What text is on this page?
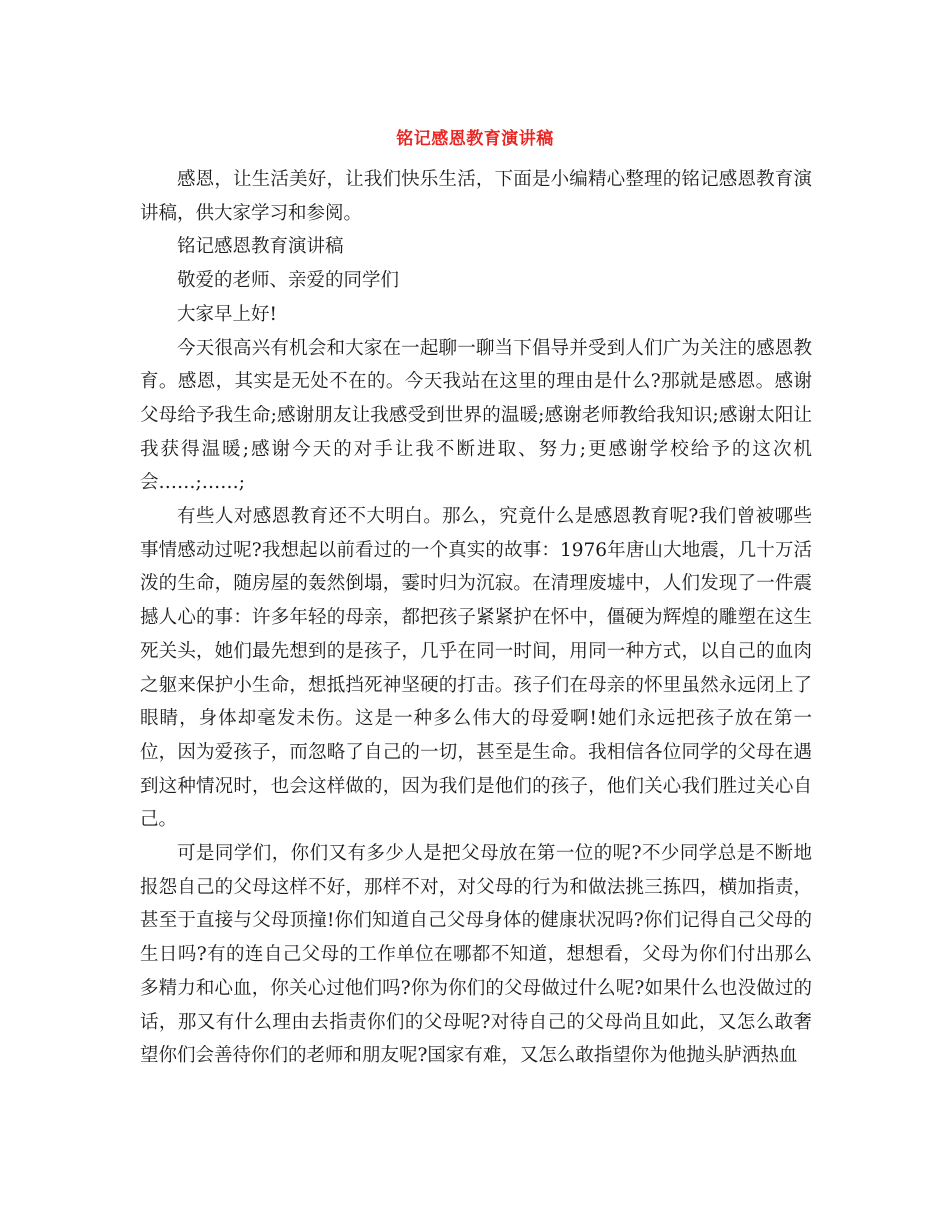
铭记感恩教育演讲稿

感恩，让生活美好，让我们快乐生活，下面是小编精心整理的铭记感恩教育演讲稿，供大家学习和参阅。

铭记感恩教育演讲稿

敬爱的老师、亲爱的同学们

大家早上好!

今天很高兴有机会和大家在一起聊一聊当下倡导并受到人们广为关注的感恩教育。感恩，其实是无处不在的。今天我站在这里的理由是什么?那就是感恩。感谢父母给予我生命;感谢朋友让我感受到世界的温暖;感谢老师教给我知识;感谢太阳让我获得温暖;感谢今天的对手让我不断进取、努力;更感谢学校给予的这次机会……;……;

有些人对感恩教育还不大明白。那么，究竟什么是感恩教育呢?我们曾被哪些事情感动过呢?我想起以前看过的一个真实的故事：1976年唐山大地震，几十万活泼的生命，随房屋的轰然倒塌，霎时归为沉寂。在清理废墟中，人们发现了一件震撼人心的事：许多年轻的母亲，都把孩子紧紧护在怀中，僵硬为辉煌的雕塑在这生死关头，她们最先想到的是孩子，几乎在同一时间，用同一种方式，以自己的血肉之躯来保护小生命，想抵挡死神坚硬的打击。孩子们在母亲的怀里虽然永远闭上了眼睛，身体却毫发未伤。这是一种多么伟大的母爱啊!她们永远把孩子放在第一位，因为爱孩子，而忽略了自己的一切，甚至是生命。我相信各位同学的父母在遇到这种情况时，也会这样做的，因为我们是他们的孩子，他们关心我们胜过关心自己。

可是同学们，你们又有多少人是把父母放在第一位的呢?不少同学总是不断地报怨自己的父母这样不好，那样不对，对父母的行为和做法挑三拣四，横加指责，甚至于直接与父母顶撞!你们知道自己父母身体的健康状况吗?你们记得自己父母的生日吗?有的连自己父母的工作单位在哪都不知道，想想看，父母为你们付出那么多精力和心血，你关心过他们吗?你为你们的父母做过什么呢?如果什么也没做过的话，那又有什么理由去指责你们的父母呢?对待自己的父母尚且如此，又怎么敢奢望你们会善待你们的老师和朋友呢?国家有难，又怎么敢指望你为他抛头胪洒热血
